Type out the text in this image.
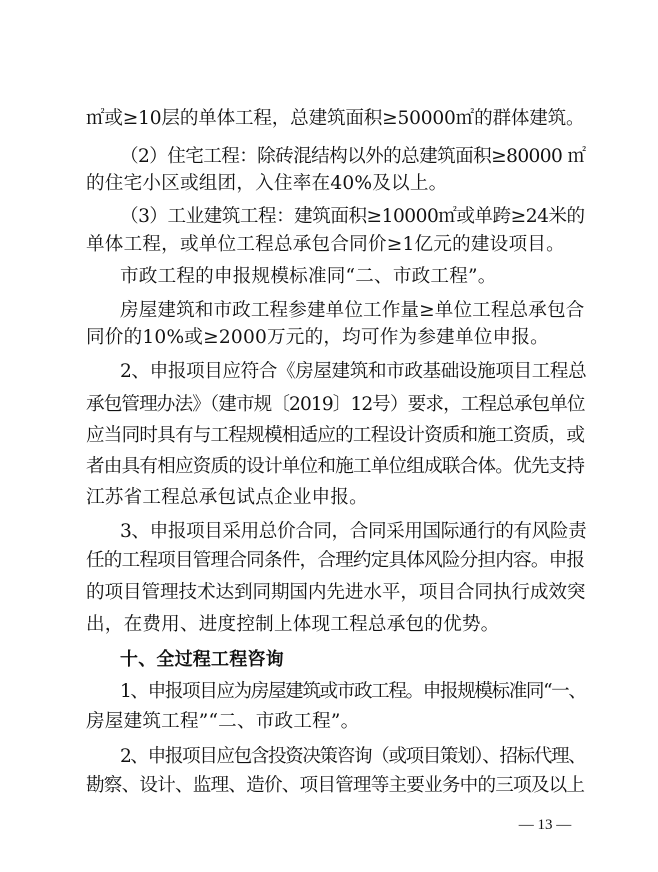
㎡或≥10层的单体工程，总建筑面积≥50000㎡的群体建筑。
（2）住宅工程：除砖混结构以外的总建筑面积≥80000 ㎡
的住宅小区或组团，入住率在40%及以上。
（3）工业建筑工程：建筑面积≥10000㎡或单跨≥24米的
单体工程，或单位工程总承包合同价≥1亿元的建设项目。
市政工程的申报规模标准同“二、市政工程”。
房屋建筑和市政工程参建单位工作量≥单位工程总承包合
同价的10%或≥2000万元的，均可作为参建单位申报。
2、申报项目应符合《房屋建筑和市政基础设施项目工程总
承包管理办法》（建市规〔2019〕12号）要求，工程总承包单位
应当同时具有与工程规模相适应的工程设计资质和施工资质，或
者由具有相应资质的设计单位和施工单位组成联合体。优先支持
江苏省工程总承包试点企业申报。
3、申报项目采用总价合同，合同采用国际通行的有风险责
任的工程项目管理合同条件，合理约定具体风险分担内容。申报
的项目管理技术达到同期国内先进水平，项目合同执行成效突
出，在费用、进度控制上体现工程总承包的优势。
十、全过程工程咨询
1、申报项目应为房屋建筑或市政工程。申报规模标准同“一、
房屋建筑工程”“二、市政工程”。
2、申报项目应包含投资决策咨询（或项目策划）、招标代理、
勘察、设计、监理、造价、项目管理等主要业务中的三项及以上
— 13 —
